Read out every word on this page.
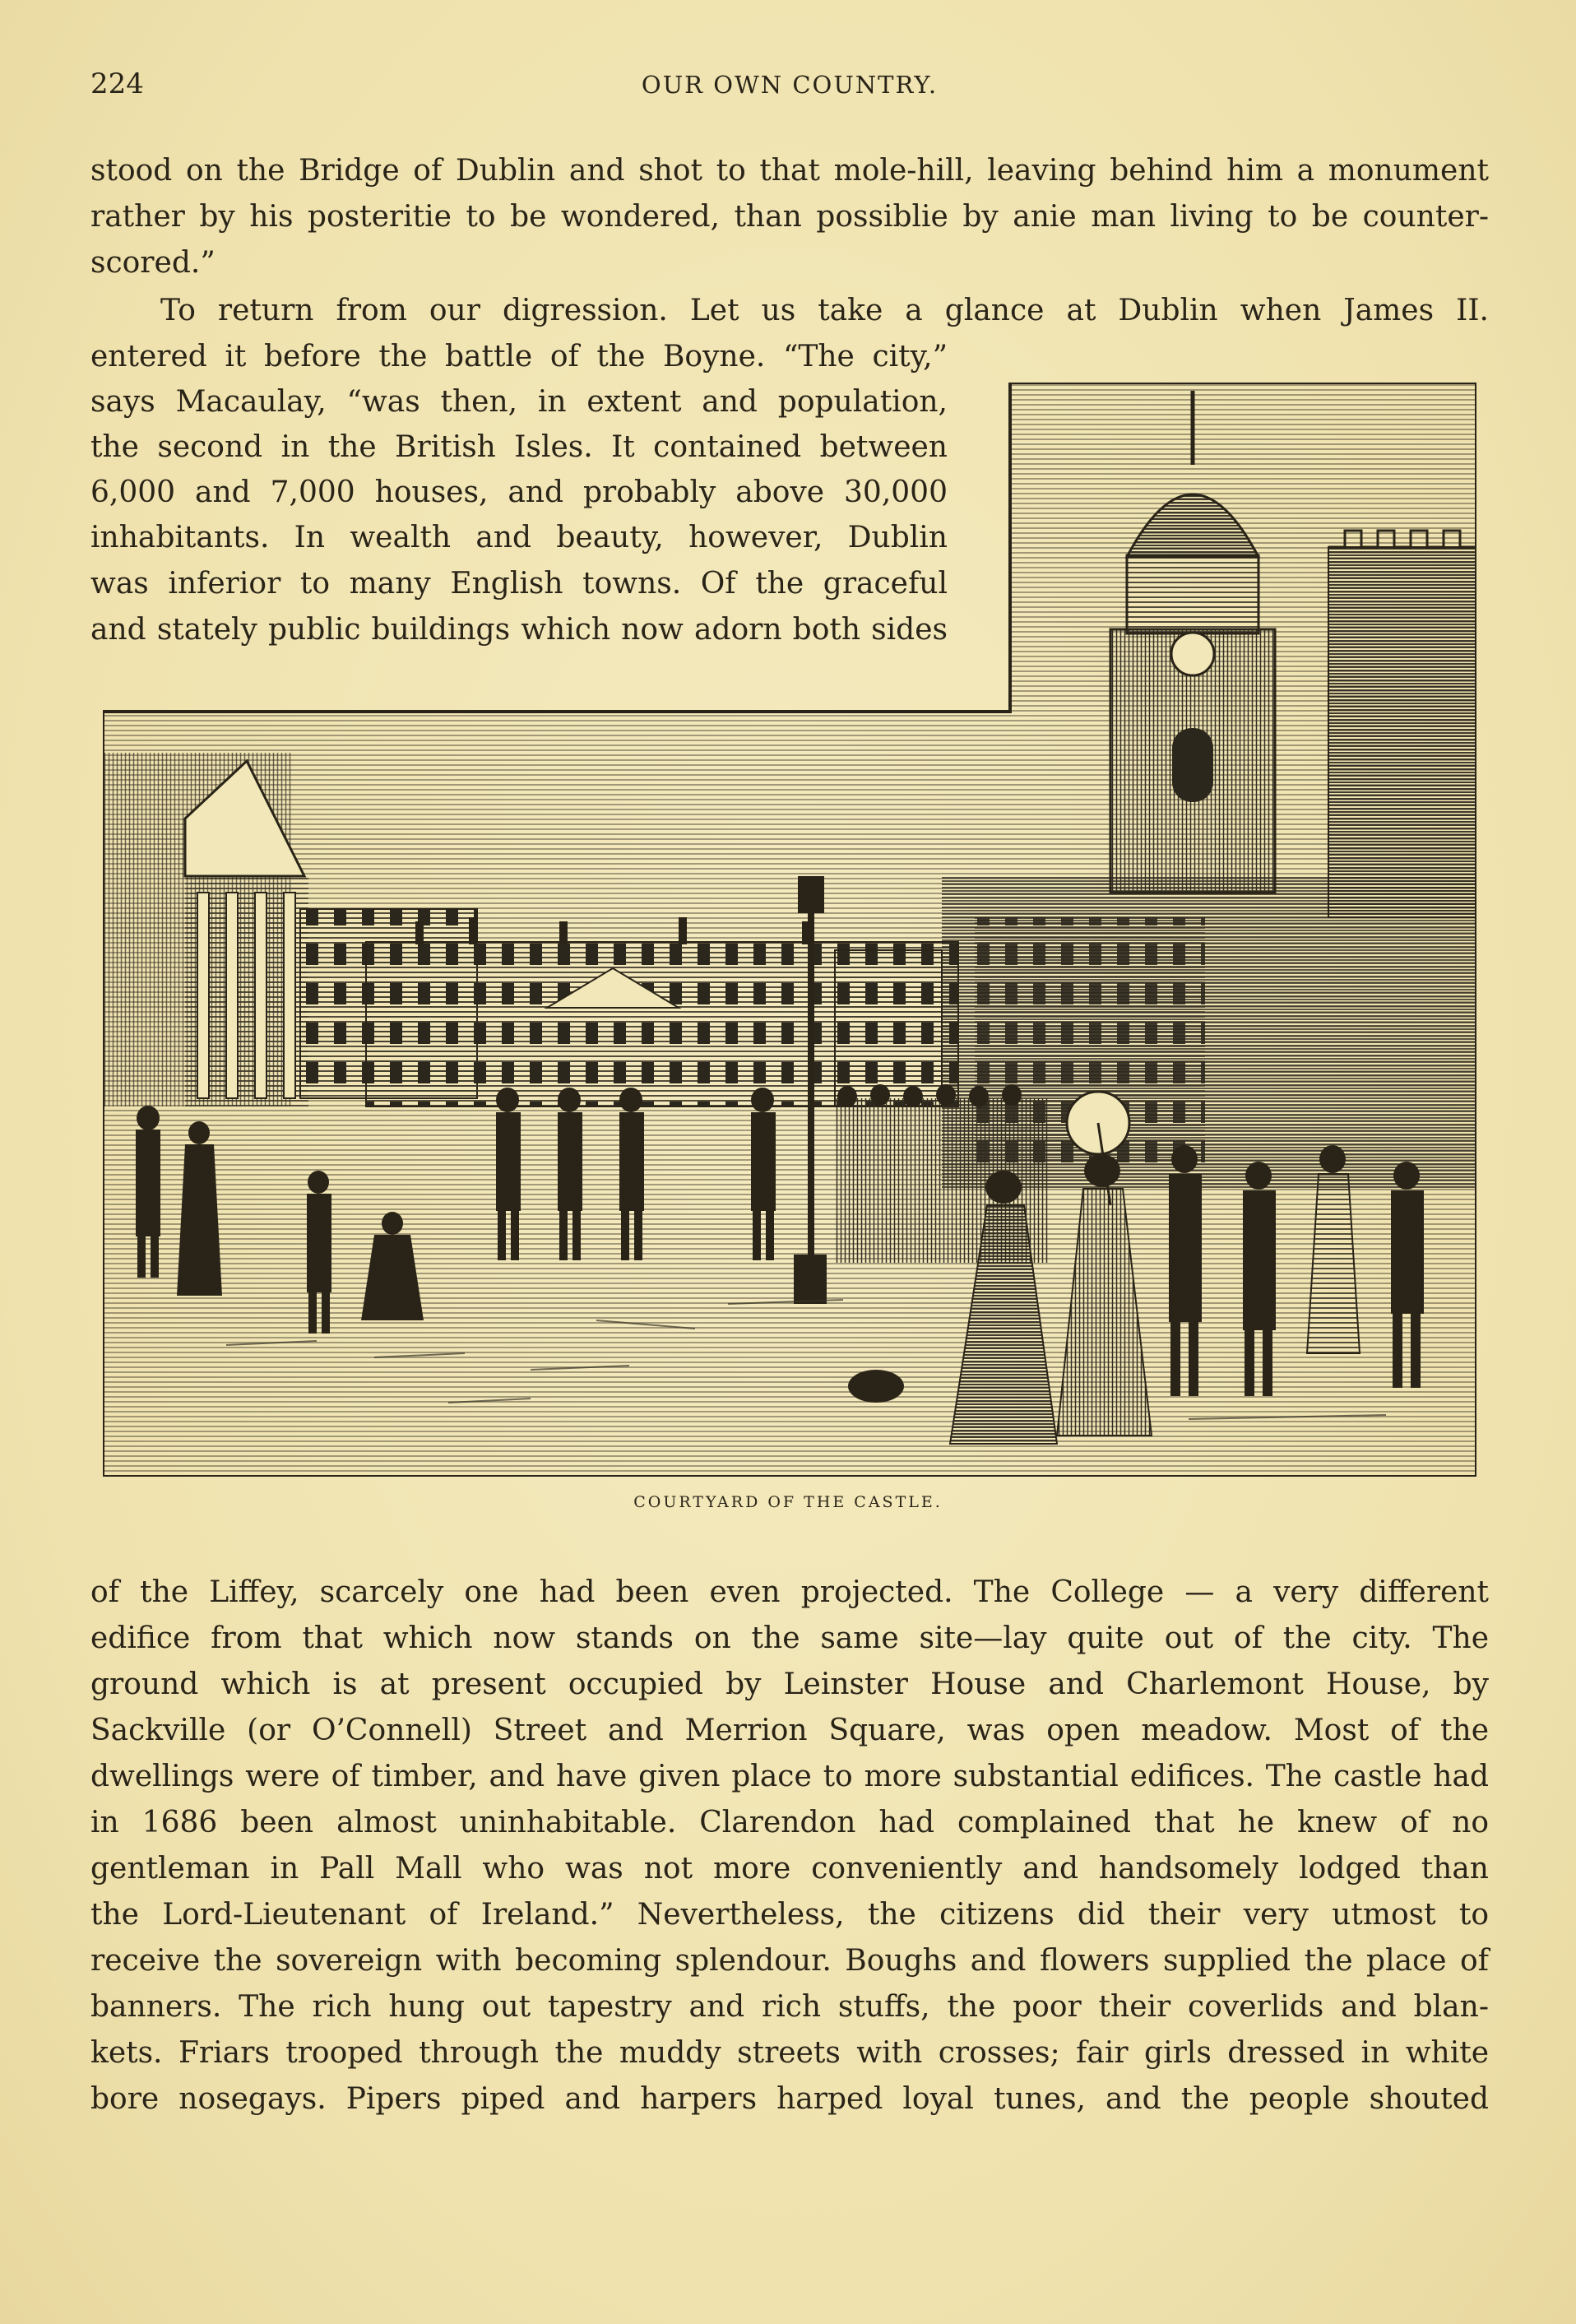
224	OUR OWN COUNTRY.
stood on the Bridge of Dublin and shot to that mole-hill, leaving behind him a monument
rather by his posteritie to be wondered, than possiblie by anie man living to be counter-
scored.”
To return from our digression. Let us take a glance at Dublin when James II.
entered it before the battle of the Boyne. “The city,”
says Macaulay, “was then, in extent and population,
the second in the British Isles. It contained between
6,000 and 7,000 houses, and probably above 30,000
inhabitants. In wealth and beauty, however, Dublin
was inferior to many English towns. Of the graceful
and stately public buildings which now adorn both sides
COURTYARD OF THE CASTLE.
of the Liffey, scarcely one had been even projected. The College — a very different
edifice from that which now stands on the same site—lay quite out of the city. The
ground which is at present occupied by Leinster House and Charlemont House, by
Sackville (or O’Connell) Street and Merrion Square, was open meadow. Most of the
dwellings were of timber, and have given place to more substantial edifices. The castle had
in 1686 been almost uninhabitable. Clarendon had complained that he knew of no
gentleman in Pall Mall who was not more conveniently and handsomely lodged than
the Lord-Lieutenant of Ireland.” Nevertheless, the citizens did their very utmost to
receive the sovereign with becoming splendour. Boughs and flowers supplied the place of
banners. The rich hung out tapestry and rich stuffs, the poor their coverlids and blan-
kets. Friars trooped through the muddy streets with crosses; fair girls dressed in white
bore nosegays. Pipers piped and harpers harped loyal tunes, and the people shouted
